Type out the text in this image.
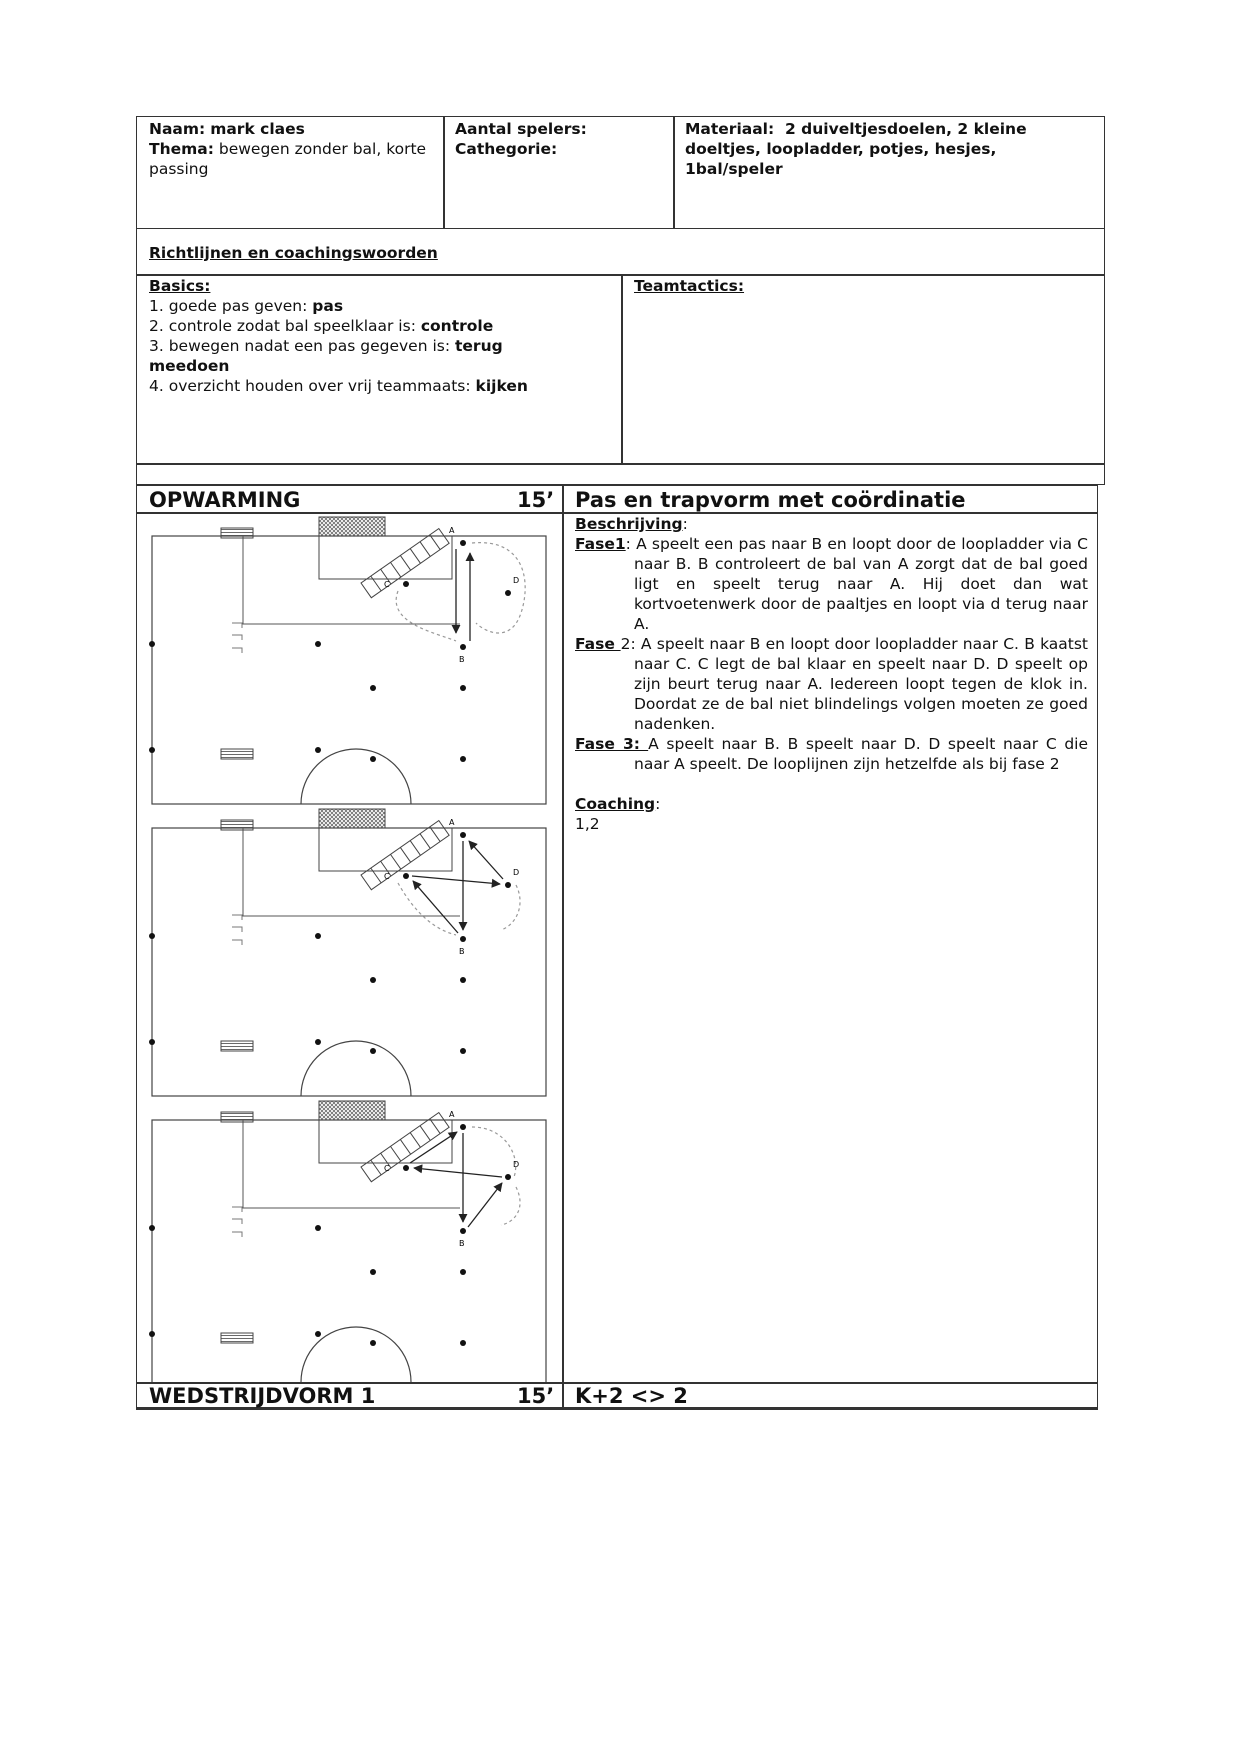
Naam: mark claes
Thema: bewegen zonder bal, korte passing
Aantal spelers:
Cathegorie:
Materiaal: 2 duiveltjesdoelen, 2 kleine doeltjes, loopladder, potjes, hesjes, 1bal/speler
Richtlijnen en coachingswoorden
Basics:
1. goede pas geven: pas
2. controle zodat bal speelklaar is: controle
3. bewegen nadat een pas gegeven is: terug meedoen
4. overzicht houden over vrij teammaats: kijken
Teamtactics:
OPWARMING	15’ Pas en trapvorm met coördinatie
Beschrijving:

Fase1: A speelt een pas naar B en loopt door de loopladder via C naar B. B controleert de bal van A zorgt dat de bal goed ligt en speelt terug naar A. Hij doet dan wat kortvoetenwerk door de paaltjes en loopt via d terug naar A.

Fase 2: A speelt naar B en loopt door loopladder naar C. B kaatst naar C. C legt de bal klaar en speelt naar D. D speelt op zijn beurt terug naar A. Iedereen loopt tegen de klok in. Doordat ze de bal niet blindelings volgen moeten ze goed nadenken.

Fase 3: A speelt naar B. B speelt naar D. D speelt naar C die naar A speelt. De looplijnen zijn hetzelfde als bij fase 2

Coaching:
1,2
A
B
C	D
A
B
C	D
A
B
C	D
WEDSTRIJDVORM 1	15’ K+2 <> 2
